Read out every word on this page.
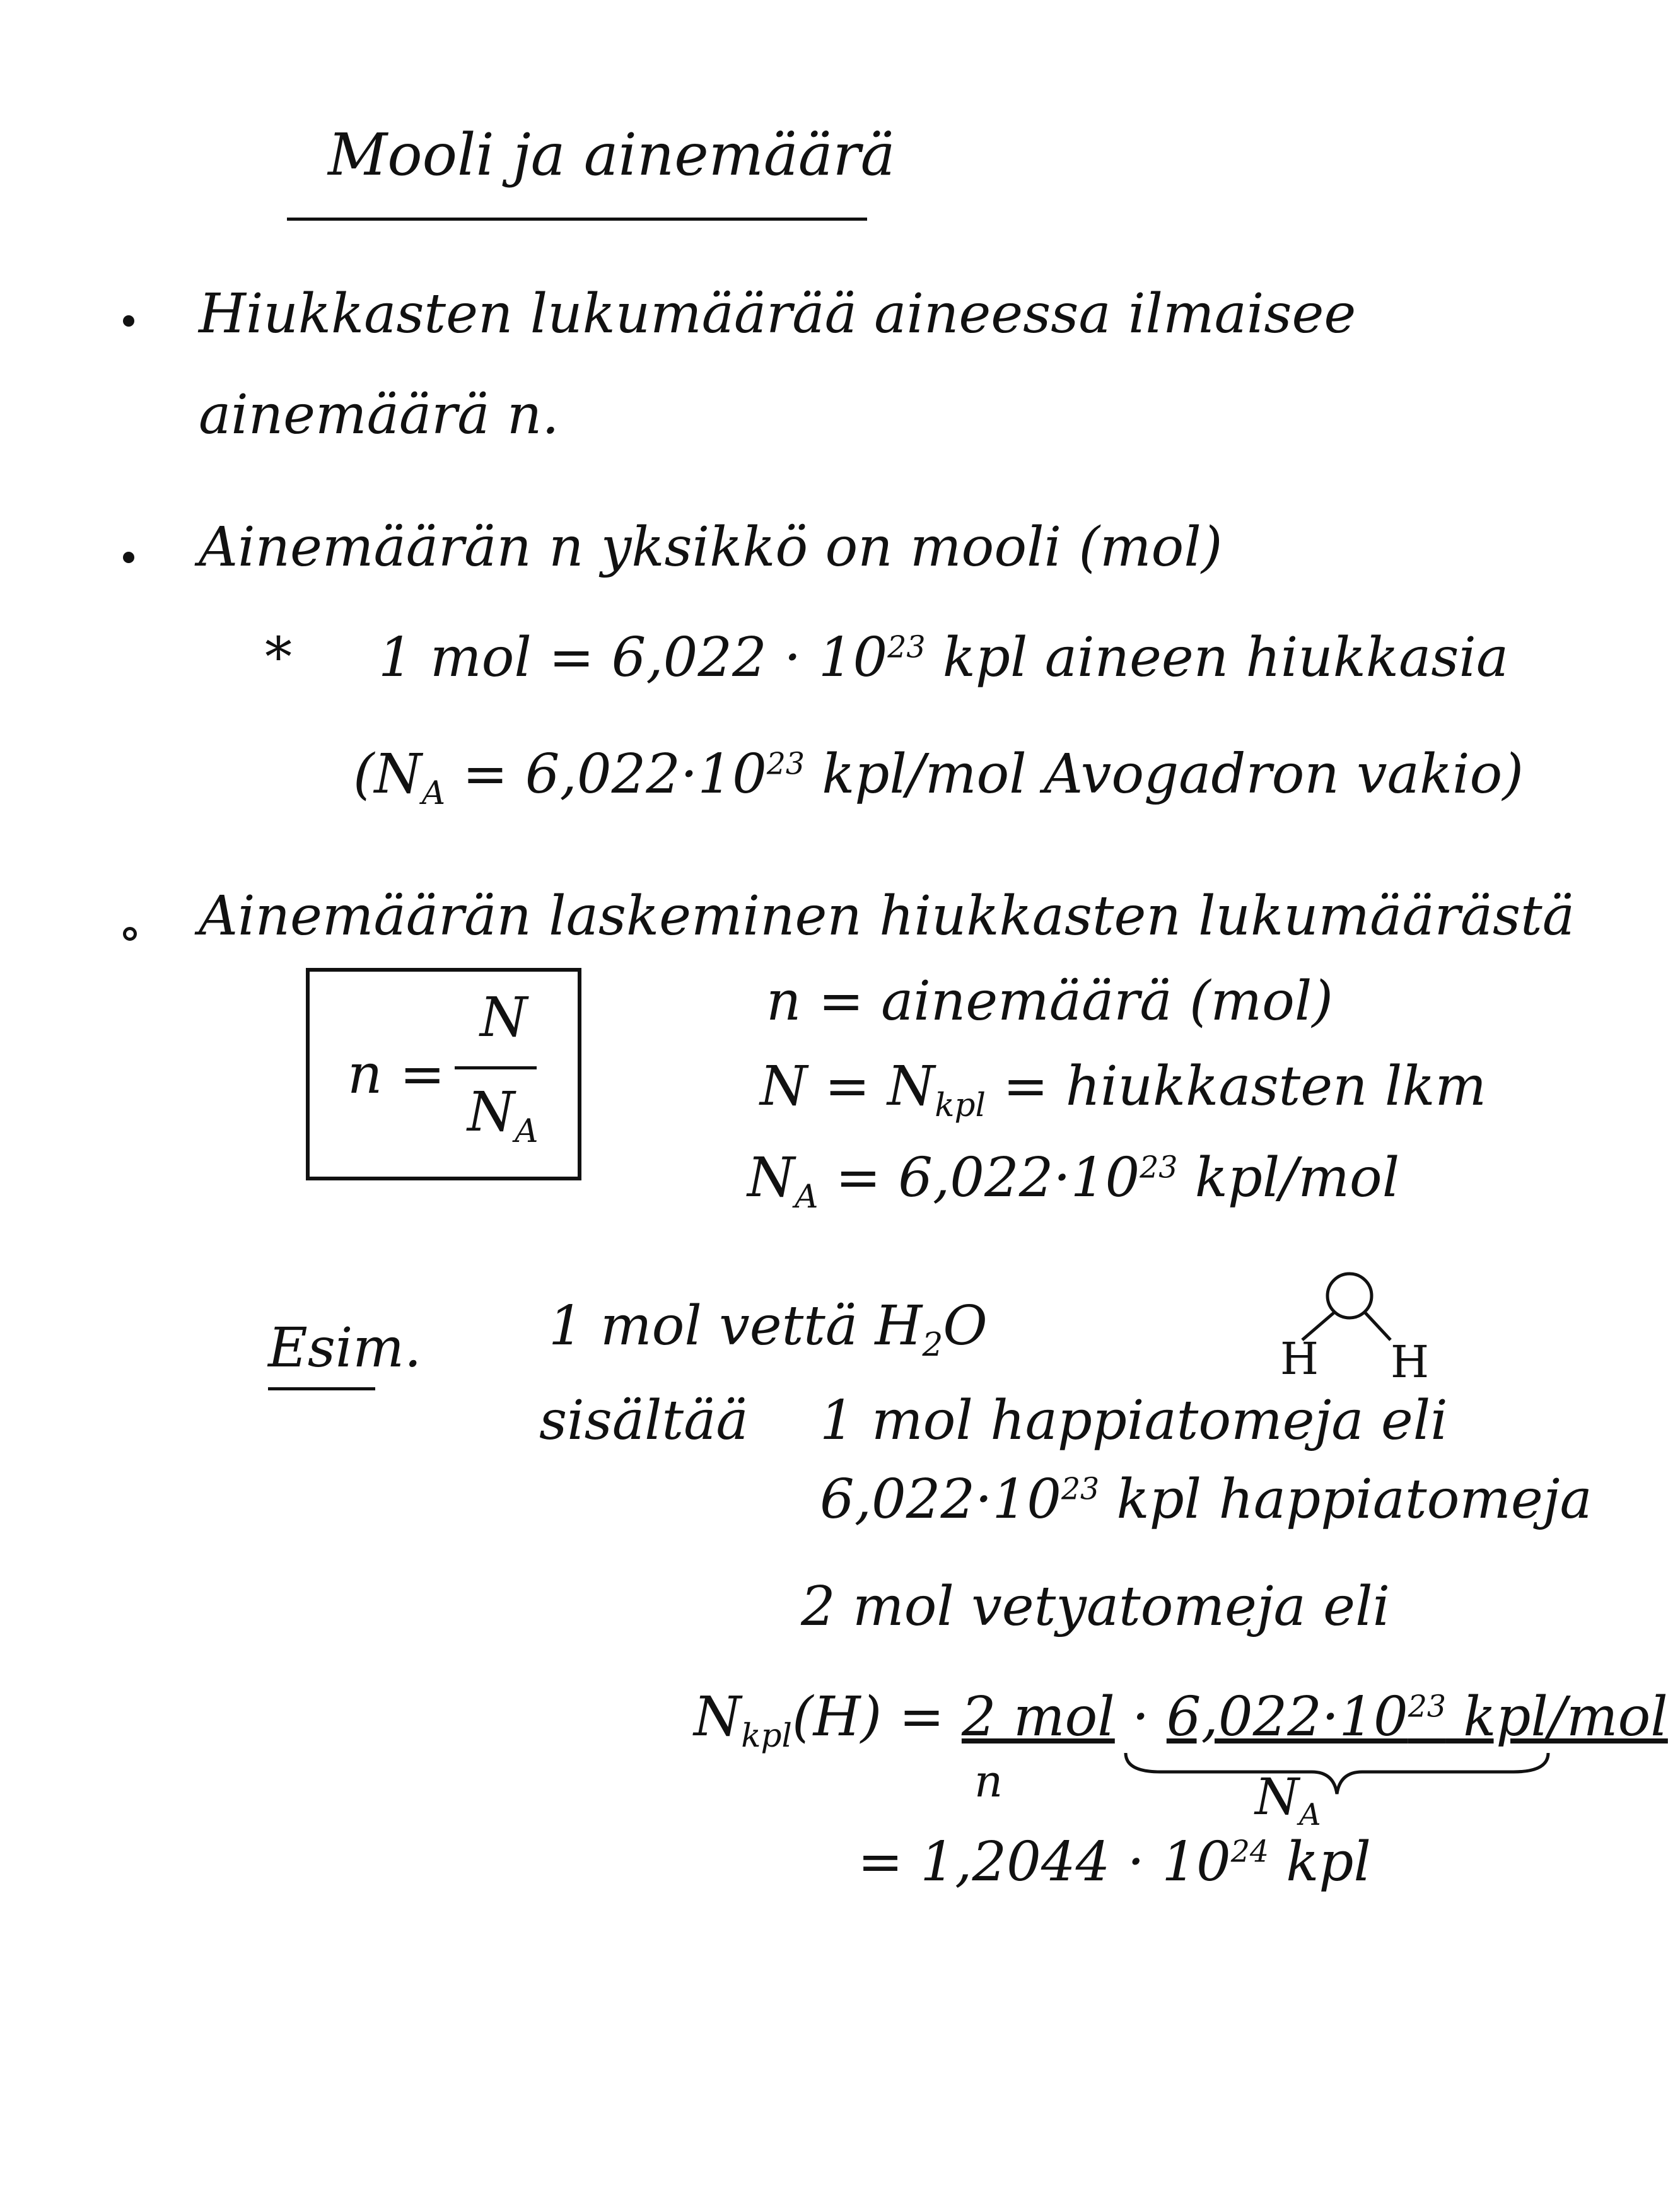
Mooli ja ainemäärä
Hiukkasten lukumäärää aineessa ilmaisee
ainemäärä n.
Ainemäärän n yksikkö on mooli (mol)
* 1 mol = $6,022 \cdot 10^{23}$ kpl aineen hiukkasia
($N_A = 6,022\cdot 10^{23}$ kpl/mol Avogadron vakio)
Ainemäärän laskeminen hiukkasten lukumäärästä
n =
N
$N_A$
n = ainemäärä (mol)
$N = N_{kpl}$ = hiukkasten lkm
$N_A = 6,022\cdot 10^{23}$ kpl/mol
Esim. 1 mol vettä $H_2O$
H H
sisältää 1 mol happiatomeja eli
$6,022\cdot 10^{23}$ kpl happiatomeja
2 mol vetyatomeja eli
$N_{kpl}(H) = 2$ mol · $6,022\cdot 10^{23}$ kpl/mol
n	$N_A$
= $1,2044 \cdot 10^{24}$ kpl
